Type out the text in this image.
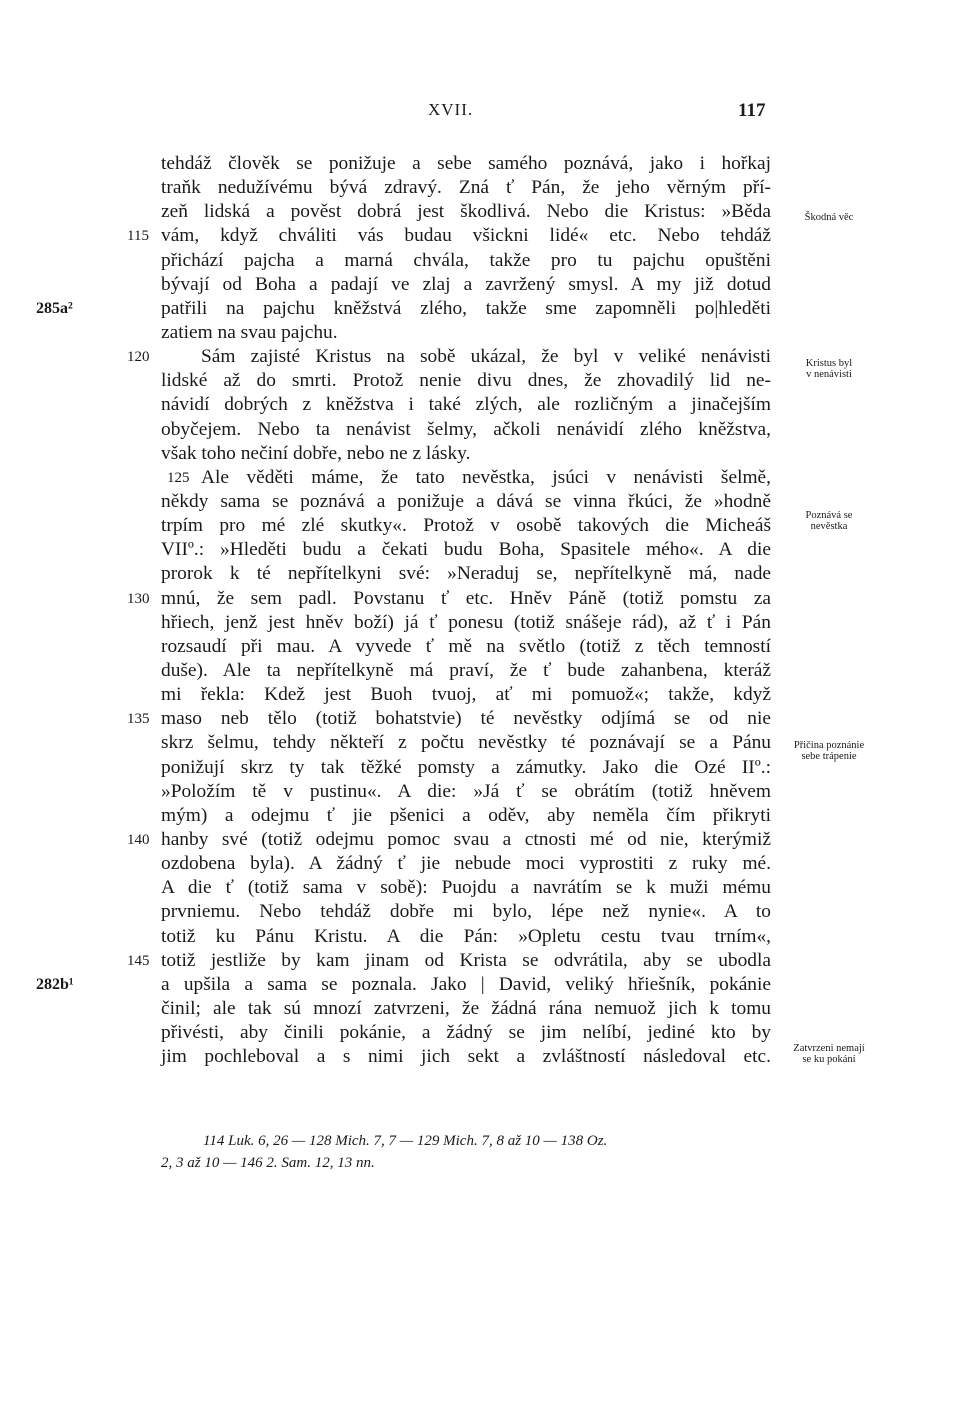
XVII.	117
tehdáž člověk se ponižuje a sebe samého poznává, jako i hořkaj
traňk nedužívému bývá zdravý. Zná ť Pán, že jeho věrným pří-
zeň lidská a pověst dobrá jest škodlivá. Nebo die Kristus: »Běda
115 vám, když chváliti vás budau všickni lidé« etc. Nebo tehdáž
přichází pajcha a marná chvála, takže pro tu pajchu opuštěni
bývají od Boha a padají ve zlaj a zavržený smysl. A my již dotud
285a²	patřili na pajchu kněžstvá zlého, takže sme zapomněli po|hleděti
zatiem na svau pajchu.
120	Sám zajisté Kristus na sobě ukázal, že byl v veliké nenávisti
lidské až do smrti. Protož nenie divu dnes, že zhovadilý lid ne-
návidí dobrých z kněžstva i také zlých, ale rozličným a jinačejším
obyčejem. Nebo ta nenávist šelmy, ačkoli nenávidí zlého kněžstva,
však toho nečiní dobře, nebo ne z lásky.
125 Ale věděti máme, že tato nevěstka, jsúci v nenávisti šelmě,
někdy sama se poznává a ponižuje a dává se vinna řkúci, že »hodně
trpím pro mé zlé skutky«. Protož v osobě takových die Micheáš
VIIº.: »Hleděti budu a čekati budu Boha, Spasitele mého«. A die
prorok k té nepřítelkyni své: »Neraduj se, nepřítelkyně má, nade
130 mnú, že sem padl. Povstanu ť etc. Hněv Páně (totiž pomstu za
hřiech, jenž jest hněv boží) já ť ponesu (totiž snášeje rád), až ť i Pán
rozsaudí při mau. A vyvede ť mě na světlo (totiž z těch temností
duše). Ale ta nepřítelkyně má praví, že ť bude zahanbena, kteráž
mi řekla: Kdež jest Buoh tvuoj, ať mi pomuož«; takže, když
135 maso neb tělo (totiž bohatstvie) té nevěstky odjímá se od nie
skrz šelmu, tehdy někteří z počtu nevěstky té poznávají se a Pánu
ponižují skrz ty tak těžké pomsty a zámutky. Jako die Ozé IIº.:
»Položím tě v pustinu«. A die: »Já ť se obrátím (totiž hněvem
mým) a odejmu ť jie pšenici a oděv, aby neměla čím přikryti
140 hanby své (totiž odejmu pomoc svau a ctnosti mé od nie, kterýmiž
ozdobena byla). A žádný ť jie nebude moci vyprostiti z ruky mé.
A die ť (totiž sama v sobě): Puojdu a navrátím se k muži mému
prvniemu. Nebo tehdáž dobře mi bylo, lépe než nynie«. A to
totiž ku Pánu Kristu. A die Pán: »Opletu cestu tvau trním«,
145 totiž jestliže by kam jinam od Krista se odvrátila, aby se ubodla
282b¹	a upšila a sama se poznala. Jako | David, veliký hřiešník, pokánie
činil; ale tak sú mnozí zatvrzeni, že žádná rána nemuož jich k tomu
přivésti, aby činili pokánie, a žádný se jim nelíbí, jediné kto by
jim pochleboval a s nimi jich sekt a zvláštností následoval etc.
Škodná věc
Kristus byl
v nenávisti
Poznává se
nevěstka
Přičina poznánie
sebe trápenie
Zatvrzeni nemají
se ku pokání
114 Luk. 6, 26 — 128 Mich. 7, 7 — 129 Mich. 7, 8 až 10 — 138 Oz.
2, 3 až 10 — 146 2. Sam. 12, 13 nn.
